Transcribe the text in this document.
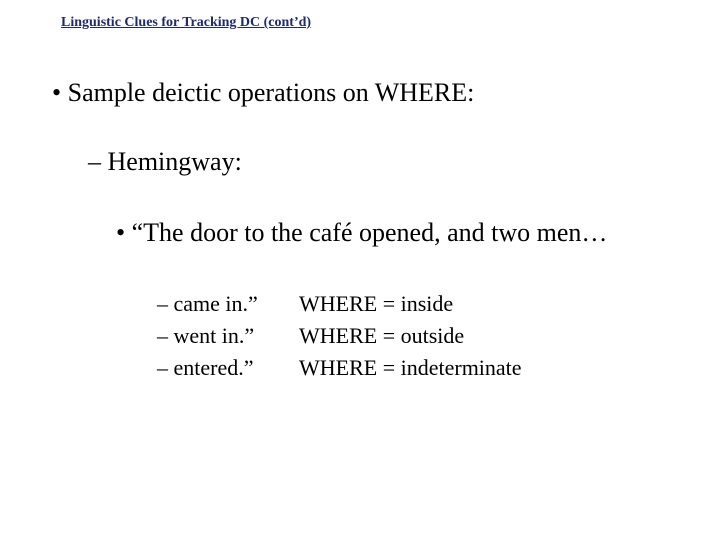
Linguistic Clues for Tracking DC (cont’d)
• Sample deictic operations on WHERE:
– Hemingway:
• “The door to the café opened, and two men…
– came in.” WHERE = inside
– went in.” WHERE = outside
– entered.” WHERE = indeterminate
